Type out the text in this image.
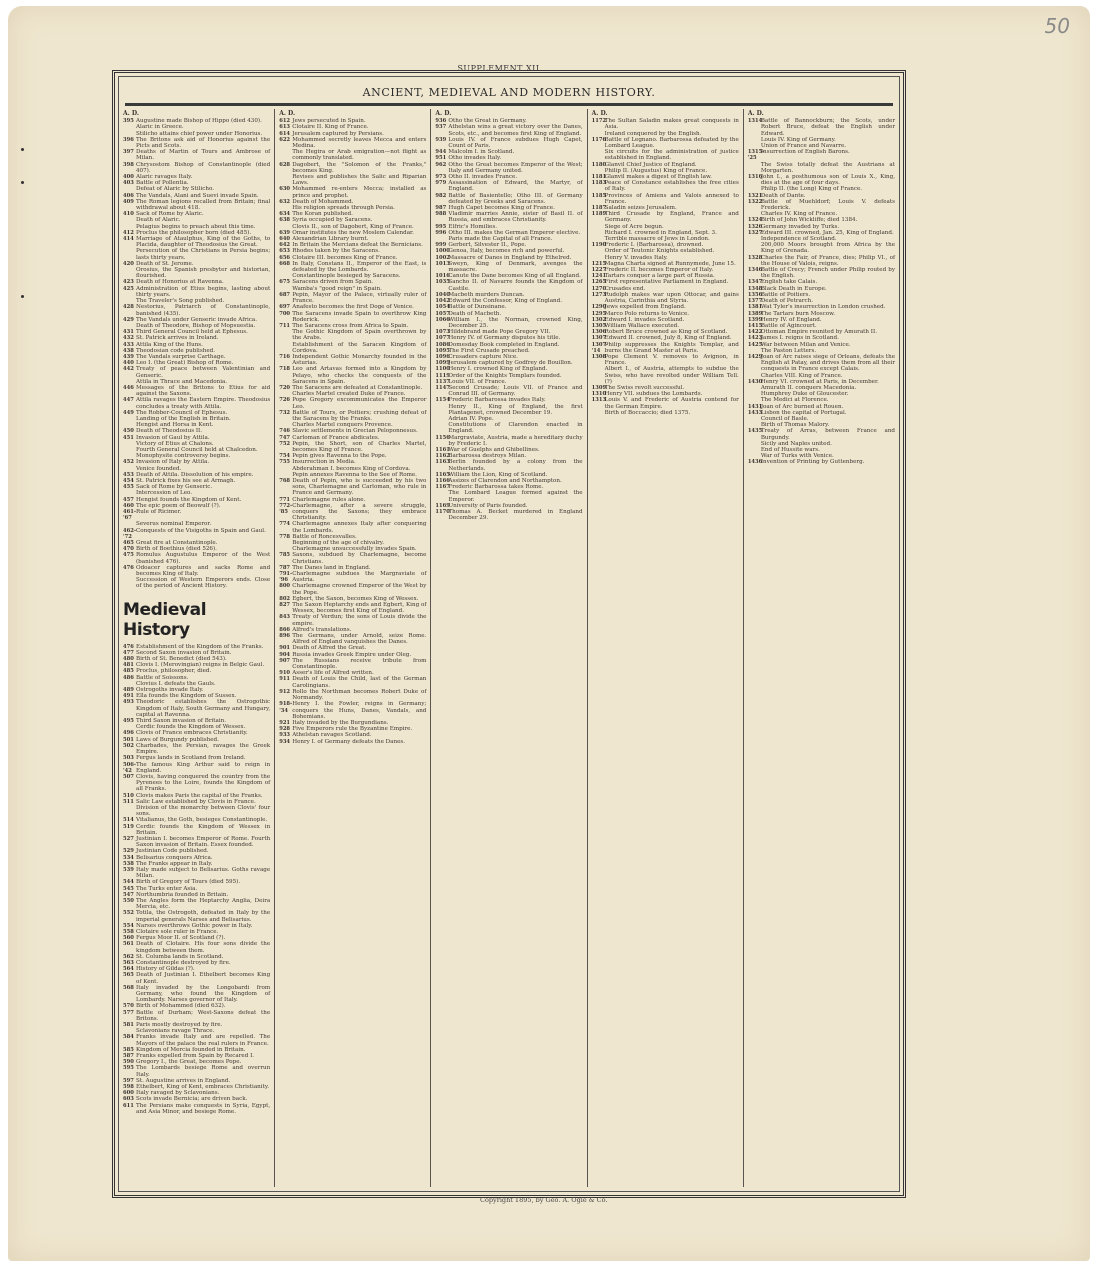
50
SUPPLEMENT XII.
ANCIENT, MEDIEVAL AND MODERN HISTORY.
A. D.
395 Augustine made Bishop of Hippo (died 430).
Alaric in Greece.
Stilicho attains chief power under Honorius.
396 The Britons ask aid of Honorius against the Picts and Scots.
397 Deaths of Martin of Tours and Ambrose of Milan.
398 Chrysostom Bishop of Constantinople (died 407).
400 Alaric ravages Italy.
403 Battle of Pollentia.
Defeat of Alaric by Stilicho.
406 The Vandals, Alani and Suevi invade Spain.
409 The Roman legions recalled from Britain; final withdrawal about 418.
410 Sack of Rome by Alaric.
Death of Alaric.
Pelagius begins to preach about this time.
412 Proclus the philosopher born (died 485).
414 Marriage of Ataulphus, King of the Goths, to Placida, daughter of Theodosius the Great.
Persecution of the Christians in Persia begins; lasts thirty years.
420 Death of St. Jerome.
Orosius, the Spanish presbyter and historian, flourished.
423 Death of Honorius at Ravenna.
425 Administration of Etius begins, lasting about thirty years.
The Traveler's Song published.
428 Nestorius, Patriarch of Constantinople, banished (435).
429 The Vandals under Genseric invade Africa.
Death of Theodore, Bishop of Mopsuestia.
431 Third General Council held at Ephesus.
432 St. Patrick arrives in Ireland.
433 Attila King of the Huns.
438 Theodosian code published.
439 The Vandals surprise Carthage.
440 Leo I. (the Great) Bishop of Rome.
442 Treaty of peace between Valentinian and Genseric.
Attila in Thrace and Macedonia.
446 Messages of the Britons to Etius for aid against the Saxons.
447 Attila ravages the Eastern Empire. Theodosius concludes a treaty with Attila.
449 The Robber-Council of Ephesus.
Landing of the English in Britain.
Hengist and Horsa in Kent.
450 Death of Theodosius II.
451 Invasion of Gaul by Attila.
Victory of Etius at Chalons.
Fourth General Council held at Chalcedon.
Monophysite controversy begins.
452 Invasion of Italy by Attila.
Venice founded.
453 Death of Attila. Dissolution of his empire.
454 St. Patrick fixes his see at Armagh.
455 Sack of Rome by Genseric.
Intercession of Leo.
457 Hengist founds the Kingdom of Kent.
460 The epic poem of Beowulf (?).
461-'67
Rule of Ricimer.
Severus nominal Emperor.
462-'72
Conquests of the Visigoths in Spain and Gaul.
465 Great fire at Constantinople.
470 Birth of Boethius (died 526).
475 Romulus Augustulus Emperor of the West (banished 476).
476 Odoacer captures and sacks Rome and becomes King of Italy.
Succession of Western Emperors ends. Close of the period of Ancient History.
Medieval History
476 Establishment of the Kingdom of the Franks.
477 Second Saxon invasion of Britain.
480 Birth of St. Benedict (died 543).
481 Clovis I. (Merovingian) reigns in Belgic Gaul.
485 Proclus, philosopher, died.
486 Battle of Soissons.
Clovius I. defeats the Gauls.
489 Ostrogoths invade Italy.
491 Ella founds the Kingdom of Sussex.
493 Theodoric establishes the Ostrogothic Kingdom of Italy, South Germany and Hungary, capital at Ravenna.
495 Third Saxon invasion of Britain.
Cerdic founds the Kingdom of Wessex.
496 Clovis of France embraces Christianity.
501 Laws of Burgundy published.
502 Charbades, the Persian, ravages the Greek Empire.
503 Fergus lands in Scotland from Ireland.
506-'42
The famous King Arthur said to reign in England.
507 Clovis, having conquered the country from the Pyrenees to the Loire, founds the Kingdom of all Franks.
510 Clovis makes Paris the capital of the Franks.
511 Salic Law established by Clovis in France.
Division of the monarchy between Clovis' four sons.
514 Vitalianus, the Goth, besieges Constantinople.
519 Cerdic founds the Kingdom of Wessex in Britain.
527 Justinian I. becomes Emperor of Rome. Fourth Saxon invasion of Britain. Essex founded.
529 Justinian Code published.
534 Belisarius conquers Africa.
538 The Franks appear in Italy.
539 Italy made subject to Belisarius. Goths ravage Milan.
544 Birth of Gregory of Tours (died 595).
545 The Turks enter Asia.
547 Northumbria founded in Britain.
550 The Angles form the Heptarchy Anglia, Deira Mercia, etc.
552 Totila, the Ostrogoth, defeated in Italy by the imperial generals Narses and Belisarius.
554 Narses overthrows Gothic power in Italy.
558 Clotaire sole ruler in France.
560 Fergus Moor II. of Scotland (?).
561 Death of Clotaire. His four sons divide the kingdom between them.
562 St. Columba lands in Scotland.
563 Constantinople destroyed by fire.
564 History of Gildas (?).
565 Death of Justinian I. Ethelbert becomes King of Kent.
568 Italy invaded by the Longobardi from Germany, who found the Kingdom of Lombardy. Narses governor of Italy.
570 Birth of Mohammed (died 632).
577 Battle of Durham; West-Saxons defeat the Britons.
581 Paris mostly destroyed by fire.
Sclavonians ravage Thrace.
584 Franks invade Italy and are repelled. The Mayors of the palace the real rulers in France.
585 Kingdom of Mercia founded in Britain.
587 Franks expelled from Spain by Recared I.
590 Gregory I., the Great, becomes Pope.
595 The Lombards besiege Rome and overrun Italy.
597 St. Augustine arrives in England.
598 Ethelbert, King of Kent, embraces Christianity.
600 Italy ravaged by Sclavonians.
603 Scots invade Bernicia; are driven back.
611 The Persians make conquests in Syria, Egypt, and Asia Minor, and besiege Rome.
A. D.
612 Jews persecuted in Spain.
613 Clotaire II. King of France.
614 Jerusalem captured by Persians.
622 Mohammed secretly leaves Mecca and enters Medina.
The Hegira or Arab emigration—not flight as commonly translated.
628 Dagobert, the "Solomon of the Franks," becomes King.
Revises and publishes the Salic and Riparian Laws.
630 Mohammed re-enters Mecca; installed as prince and prophet.
632 Death of Mohammed.
His religion spreads through Persia.
634 The Koran published.
638 Syria occupied by Saracens.
Clovis II., son of Dagobert, King of France.
639 Omar institutes the new Moslem Calendar.
640 Alexandrian Library burnt.
642 In Britain the Mercians defeat the Bernicians.
653 Rhodes taken by the Saracens.
656 Clotaire III. becomes King of France.
668 In Italy, Constans II., Emperor of the East, is defeated by the Lombards.
Constantinople besieged by Saracens.
675 Saracens driven from Spain.
Wamba's "good reign" in Spain.
687 Pepin, Mayor of the Palace, virtually ruler of France.
697 Anafesto becomes the first Doge of Venice.
700 The Saracens invade Spain to overthrow King Roderick.
711 The Saracens cross from Africa to Spain.
The Gothic Kingdom of Spain overthrown by the Arabs.
Establishment of the Saracen Kingdom of Cordova.
716 Independent Gothic Monarchy founded in the Asturias.
718 Leo and Artavas formed into a Kingdom by Pelayo, who checks the conquests of the Saracens in Spain.
720 The Saracens are defeated at Constantinople.
Charles Martel created Duke of France.
726 Pope Gregory excommunicates the Emperor Leo.
732 Battle of Tours, or Poitiers; crushing defeat of the Saracens by the Franks.
Charles Martel conquers Provence.
746 Slavic settlements in Grecian Peloponnesus.
747 Carloman of France abdicates.
752 Pepin, the Short, son of Charles Martel, becomes King of France.
754 Pepin gives Ravenna to the Pope.
755 Insurrection in Media.
Abderahman I. becomes King of Cordova.
Pepin annexes Ravenna to the See of Rome.
768 Death of Pepin, who is succeeded by his two sons, Charlemagne and Carloman, who rule in France and Germany.
771 Charlemagne rules alone.
772-'85
Charlemagne, after a severe struggle, conquers the Saxons; they embrace Christianity.
774 Charlemagne annexes Italy after conquering the Lombards.
778 Battle of Roncesvalles.
Beginning of the age of chivalry.
Charlemagne unsuccessfully invades Spain.
785 Saxons, subdued by Charlemagne, become Christians.
787 The Danes land in England.
791-'96
Charlemagne subdues the Margraviate of Austria.
800 Charlemagne crowned Emperor of the West by the Pope.
802 Egbert, the Saxon, becomes King of Wessex.
827 The Saxon Heptarchy ends and Egbert, King of Wessex, becomes first King of England.
843 Treaty of Verdun; the sons of Louis divide the empire.
866 Alfred's translations.
896 The Germans, under Arnold, seize Rome. Alfred of England vanquishes the Danes.
901 Death of Alfred the Great.
904 Russia invades Greek Empire under Oleg.
907 The Russians receive tribute from Constantinople.
910 Asser's life of Alfred written.
911 Death of Louis the Child, last of the German Carolingians.
912 Rollo the Northman becomes Robert Duke of Normandy.
918-'34
Henry I. the Fowler, reigns in Germany; conquers the Huns, Danes, Vandals, and Bohemians.
921 Italy invaded by the Burgundians.
928 Five Emperors rule the Byzantine Empire.
933 Athelstan ravages Scotland.
934 Henry I. of Germany defeats the Danes.
A. D.
936 Otho the Great in Germany.
937 Athelstan wins a great victory over the Danes, Scots, etc., and becomes first King of England.
939 Louis IV. of France subdues Hugh Capet, Count of Paris.
944 Malcolm I. in Scotland.
951 Otho invades Italy.
962 Otho the Great becomes Emperor of the West; Italy and Germany united.
973 Otho II. invades France.
979 Assassination of Edward, the Martyr, of England.
982 Battle of Basientello; Otho III. of Germany defeated by Greeks and Saracens.
987 Hugh Capet becomes King of France.
988 Vladimir marries Annie, sister of Basil II. of Russia, and embraces Christianity.
995 Elfric's Homilies.
996 Otho III. makes the German Emperor elective.
Paris made the Capital of all France.
999 Gerbert, Silvester II., Pope.
1000
Genoa, Italy, becomes rich and powerful.
1002
Massacre of Danes in England by Ethelred.
1013
Sweyn, King of Denmark, avenges the massacre.
1016
Canute the Dane becomes King of all England.
1035
Sancho II. of Navarre founds the Kingdom of Castile.
1040
Macbeth murders Duncan.
1042
Edward the Confessor, King of England.
1054
Battle of Dunsinane.
1057
Death of Macbeth.
1066
William I., the Norman, crowned King, December 25.
1073
Hildebrand made Pope Gregory VII.
1077
Henry IV. of Germany disputes his title.
1086
Domesday Book completed in England.
1095
The First Crusade preached.
1096
Crusaders capture Nice.
1099
Jerusalem captured by Godfrey de Bouillon.
1100
Henry I. crowned King of England.
1119
Order of the Knights Templars founded.
1137
Louis VII. of France.
1147
Second Crusade; Louis VII. of France and Conrad III. of Germany.
1154
Frederic Barbarossa invades Italy.
Henry II., King of England, the first Plantagenet, crowned December 19.
Adrian IV. Pope.
Constitutions of Clarendon enacted in England.
1156
Margraviate, Austria, made a hereditary duchy by Frederic I.
1161
War of Guelphs and Ghibellines.
1162
Barbarossa destroys Milan.
1163
Berlin founded by a colony from the Netherlands.
1165
William the Lion, King of Scotland.
1166
Assizes of Clarendon and Northampton.
1167
Frederic Barbarossa takes Rome.
The Lombard League formed against the Emperor.
1169
University of Paris founded.
1170
Thomas A. Becket murdered in England December 29.
A. D.
1172
The Sultan Saladin makes great conquests in Asia.
Ireland conquered by the English.
1176
Battle of Legnano. Barbarossa defeated by the Lombard League.
Six circuits for the administration of justice established in England.
1180
Glanvil Chief Justice of England.
Philip II. (Augustus) King of France.
1181
Glanvil makes a digest of English law.
1183
Peace of Constance establishes the free cities of Italy.
1185
Provinces of Amiens and Valois annexed to France.
1187
Saladin seizes Jerusalem.
1189
Third Crusade by England, France and Germany.
Siege of Acre begun.
Richard I. crowned in England, Sept. 3.
Terrible massacre of Jews in London.
1190
Frederic I. (Barbarossa), drowned.
Order of Teutonic Knights established.
Henry V. invades Italy.
1215
Magna Charta signed at Runnymede, June 15.
1227
Frederic II. becomes Emperor of Italy.
1241
Tartars conquer a large part of Russia.
1265
First representative Parliament in England.
1270
Crusades end.
1273
Rudolph makes war upon Ottocar, and gains Austria, Carinthia and Styria.
1290
Jews expelled from England.
1295
Marco Polo returns to Venice.
1302
Edward I. invades Scotland.
1305
William Wallace executed.
1306
Robert Bruce crowned as King of Scotland.
1307
Edward II. crowned, July 8, King of England.
1307-'14
Philip suppresses the Knights Templar, and burns the Grand Master at Paris.
1308
Pope Clement V. removes to Avignon, in France.
Albert I., of Austria, attempts to subdue the Swiss, who have revolted under William Tell. (?)
1309
The Swiss revolt successful.
1310
Henry VII. subdues the Lombards.
1313
Louis V. and Frederic of Austria contend for the German Empire.
Birth of Boccaccio; died 1375.
A. D.
1314
Battle of Bannockburn; the Scots, under Robert Bruce, defeat the English under Edward.
Louis IV. King of Germany.
Union of France and Navarre.
1315-'25
Insurrection of English Barons.
The Swiss totally defeat the Austrians at Morgarten.
1316
John I., a posthumous son of Louis X., King, dies at the age of four days.
Philip II. (the Long) King of France.
1321
Death of Dante.
1322
Battle of Muehldorf; Louis V. defeats Frederick.
Charles IV. King of France.
1324
Birth of John Wickliffe; died 1384.
1326
Germany invaded by Turks.
1327
Edward III. crowned, Jan. 25, King of England.
Independence of Scotland.
200,000 Moors brought from Africa by the King of Grenada.
1328
Charles the Fair, of France, dies; Philip VI., of the House of Valois, reigns.
1346
Battle of Crecy; French under Philip routed by the English.
1347
English take Calais.
1348
Black Death in Europe.
1356
Battle of Poitiers.
1377
Death of Petrarch.
1381
Wat Tyler's insurrection in London crushed.
1389
The Tartars burn Moscow.
1399
Henry IV. of England.
1415
Battle of Agincourt.
1422
Ottoman Empire reunited by Amurath II.
1423
James I. reigns in Scotland.
1425
War between Milan and Venice.
The Paston Letters.
1429
Joan of Arc raises siege of Orleans, defeats the English at Patay, and drives them from all their conquests in France except Calais.
Charles VIII. King of France.
1430
Henry VI. crowned at Paris, in December.
Amurath II. conquers Macedonia.
Humphrey Duke of Gloucester.
The Medici at Florence.
1431
Joan of Arc burned at Rouen.
1433
Lisbon the capital of Portugal.
Council of Basle.
Birth of Thomas Malory.
1435
Treaty of Arras, between France and Burgundy.
Sicily and Naples united.
End of Hussite wars.
War of Turks with Venice.
1436
Invention of Printing by Guttenberg.
Copyright 1895, by Geo. A. Ogle & Co.
